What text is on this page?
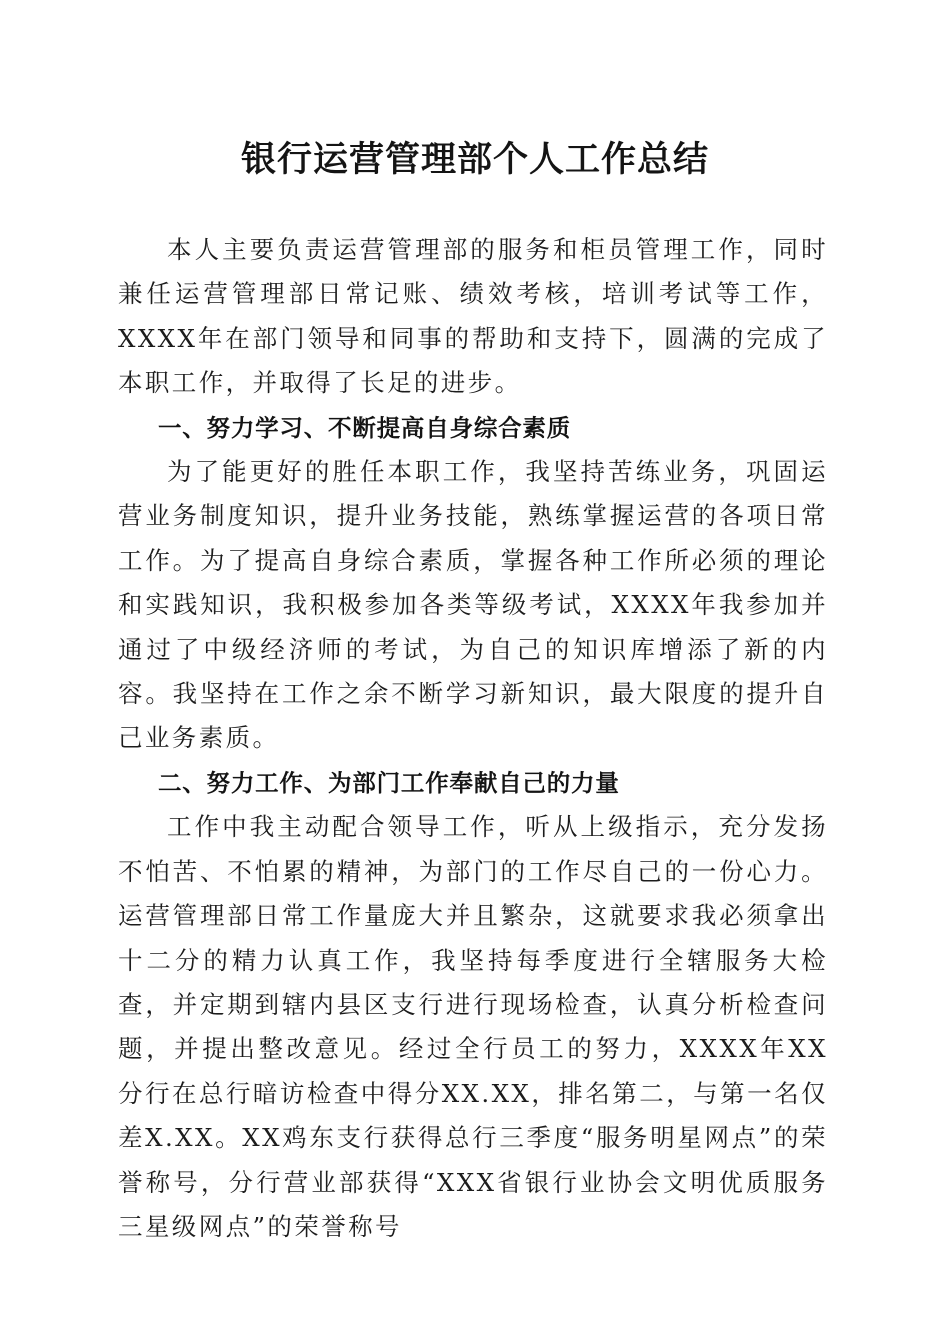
银行运营管理部个人工作总结

本人主要负责运营管理部的服务和柜员管理工作，同时兼任运营管理部日常记账、绩效考核，培训考试等工作，XXXX年在部门领导和同事的帮助和支持下，圆满的完成了本职工作，并取得了长足的进步。

一、努力学习、不断提高自身综合素质

为了能更好的胜任本职工作，我坚持苦练业务，巩固运营业务制度知识，提升业务技能，熟练掌握运营的各项日常工作。为了提高自身综合素质，掌握各种工作所必须的理论和实践知识，我积极参加各类等级考试，XXXX年我参加并通过了中级经济师的考试，为自己的知识库增添了新的内容。我坚持在工作之余不断学习新知识，最大限度的提升自己业务素质。

二、努力工作、为部门工作奉献自己的力量

工作中我主动配合领导工作，听从上级指示，充分发扬不怕苦、不怕累的精神，为部门的工作尽自己的一份心力。运营管理部日常工作量庞大并且繁杂，这就要求我必须拿出十二分的精力认真工作，我坚持每季度进行全辖服务大检查，并定期到辖内县区支行进行现场检查，认真分析检查问题，并提出整改意见。经过全行员工的努力，XXXX年XX分行在总行暗访检查中得分XX.XX，排名第二，与第一名仅差X.XX。XX鸡东支行获得总行三季度“服务明星网点”的荣誉称号，分行营业部获得“XXX省银行业协会文明优质服务三星级网点”的荣誉称号
